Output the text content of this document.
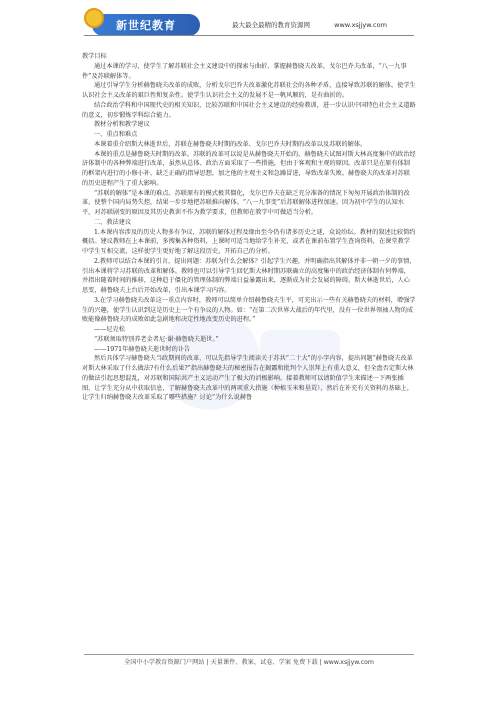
新世纪教育	最大最全最精的教育资源网	www.xsjjyw.com

教学目标

通过本课的学习，使学生了解苏联社会主义建设中的探索与曲折，掌握赫鲁晓夫改革，戈尔巴乔夫改革，“八一九事件”及苏联解体等。

通过引导学生分析赫鲁晓夫改革的成败，分析戈尔巴乔夫改革激化苏联社会的各种矛盾，直接导致苏联的解体，使学生认识社会主义改革的艰巨性和复杂性。使学生认识社会主义的发展不是一帆风顺的，是有曲折的。

结合政治学科和中国现代史的相关知识，比较苏联和中国社会主义建设的经验教训，进一步认识中国特色社会主义道路的意义，初步锻炼学科综合能力。

教材分析和教学建议

一、重点和难点

本课着重介绍斯大林逝世后，苏联在赫鲁晓夫时期的改革、戈尔巴乔夫时期的改革以及苏联的解体。

本课的重点是赫鲁晓夫时期的改革。苏联的改革可以说是从赫鲁晓夫开始的，赫鲁晓夫试图对斯大林高度集中的政治经济体制中的各种弊端进行改革，虽然从总体、政治方面采取了一些措施，但由于客观和主观的原因，改革只是在原有体制的框架内进行的小修小补，缺乏正确的指导思想，加之他的主观主义和急躁冒进，导致改革失败。赫鲁晓夫的改革对苏联的历史进程产生了重大影响。

“苏联的解体”是本课的难点。苏联原有的模式极其僵化，戈尔巴乔夫在缺乏充分准备的情况下匆匆开展政治体制的改革，使整个国内局势失控，结果一步步地把苏联推向解体。“八一九事变”后苏联解体进程加速。因为初中学生的认知水平，对苏联剧变的原因及其历史教训不作为教学要求，但教师在教学中可做适当分析。

二、教法建议

1.本课内容涉及的历史人物多有争议，苏联的解体过程及缘由至今仍有诸多历史之谜，众说纷纭。教材的叙述比较简约概括。建议教师在上本课前，多搜集各种资料，上课时可适当地给学生补充，或者在课前布置学生查询资料，在课堂教学中学生互相交流，这样使学生更好地了解这段历史，开拓自己的分析。

2.教师可以结合本课的引言，提出问题：苏联为什么会解体？引起学生兴趣，并明确指出其解体并非一朝一夕的事情，引出本课将学习苏联的改革和解体。教师也可以引导学生回忆斯大林时期苏联确立的高度集中的政治经济体制有何弊端，并指出随着时间的推移，这种趋于僵化的管理体制的弊端日益暴露出来，逐渐成为社会发展的障碍。斯大林逝世后，人心思变，赫鲁晓夫上台后开始改革，引出本课学习内容。

3.在学习赫鲁晓夫改革这一重点内容时，教师可以简单介绍赫鲁晓夫生平，可充出示一些有关赫鲁晓夫的材料，增强学生的兴趣，使学生认识到这是历史上一个有争议的人物。如：“在第二次世界大战后的年代里，没有一位世界领袖人物的成败能像赫鲁晓夫的成败如此急剧地和决定性地改变历史的进程。”

——尼克松

“苏联须取特别养老金者尼·谢·赫鲁晓夫逝世。”

——1971年赫鲁晓夫逝世时的讣告

然后具体学习赫鲁晓夫当政期间的改革，可以先指导学生阅读关于苏共“二十大”的小字内容，提出问题“赫鲁晓夫改革对斯大林采取了什么做法?有什么后果?”指出赫鲁晓夫的秘密报告在揭露和批判个人崇拜上有重大意义，但全盘否定斯大林的做法引起思想混乱，对苏联和国际共产主义运动产生了极大的消极影响。接着教师可以请阶值学生来描述一下两张插图，让学生充分从中获取信息，了解赫鲁晓夫改革中的两项重大措施（种植玉米和垦荒），然后在补充有关资料的基础上，让学生归纳赫鲁晓夫改革采取了哪些措施？讨论“为什么说赫鲁

全国中小学教育资源门户网站 | 天量课件、教案、试卷、学案 免费下载 | www.xsjjyw.com
